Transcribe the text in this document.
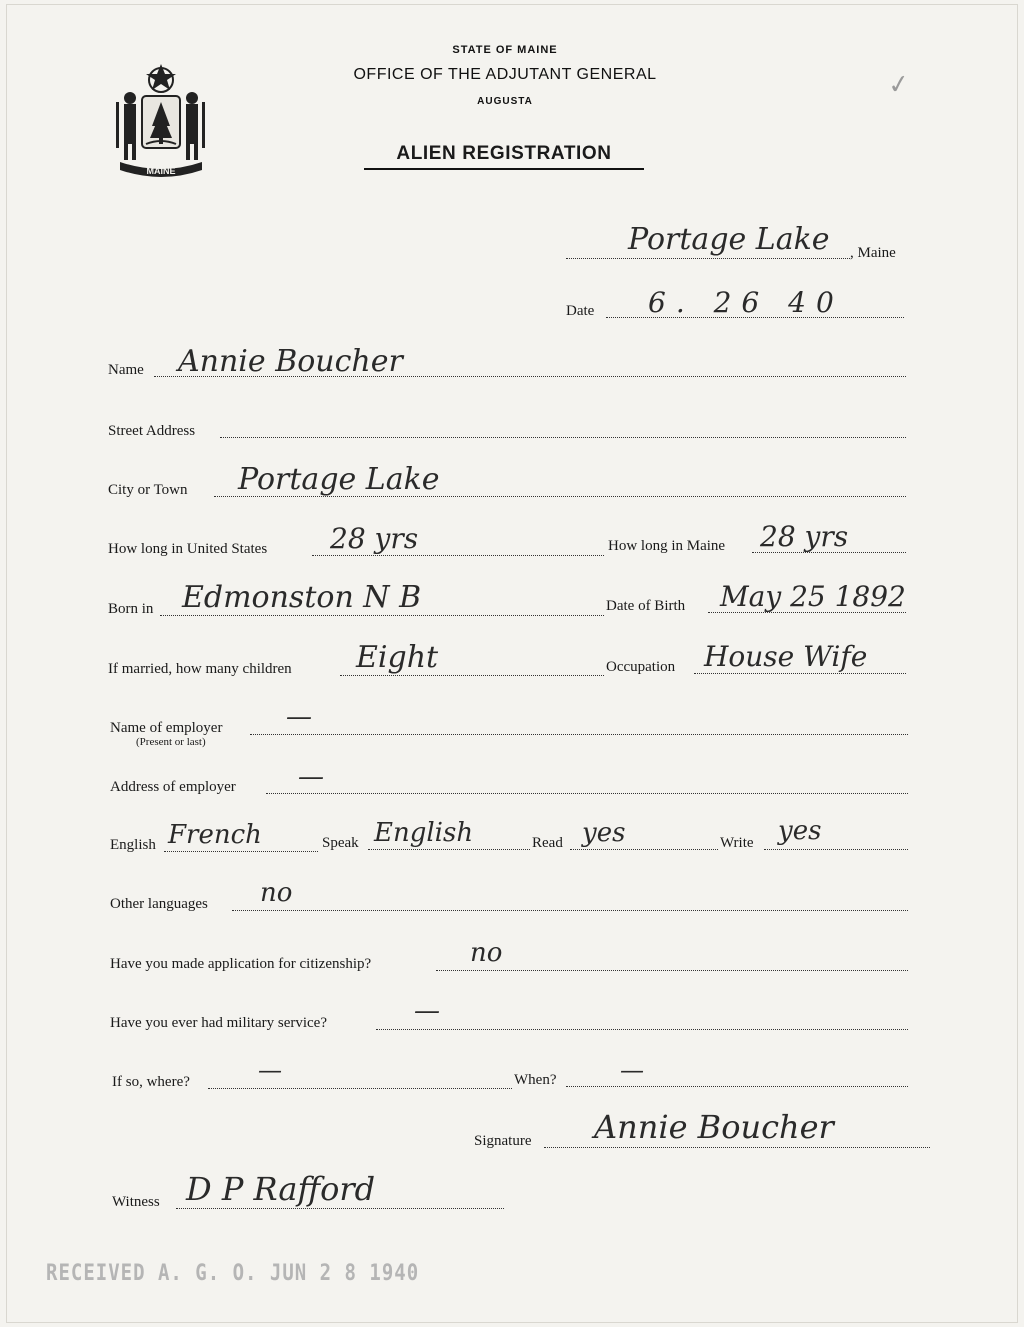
MAINE
STATE OF MAINE
OFFICE OF THE ADJUTANT GENERAL
AUGUSTA
ALIEN REGISTRATION
✓
Portage Lake , Maine
Date 6. 26 40
Name Annie Boucher
Street Address
City or Town Portage Lake
How long in United States 28 yrs	How long in Maine 28 yrs
Born in Edmonston N B	Date of Birth May 25 1892
If married, how many children Eight	Occupation House Wife
Name of employer
(Present or last)
—
Address of employer —
English French	Speak English	Read yes	Write yes
Other languages no
Have you made application for citizenship?	no
Have you ever had military service?	—
If so, where?	—	When?	—
Signature Annie Boucher
Witness D P Rafford
RECEIVED A. G. O. JUN 2 8 1940
